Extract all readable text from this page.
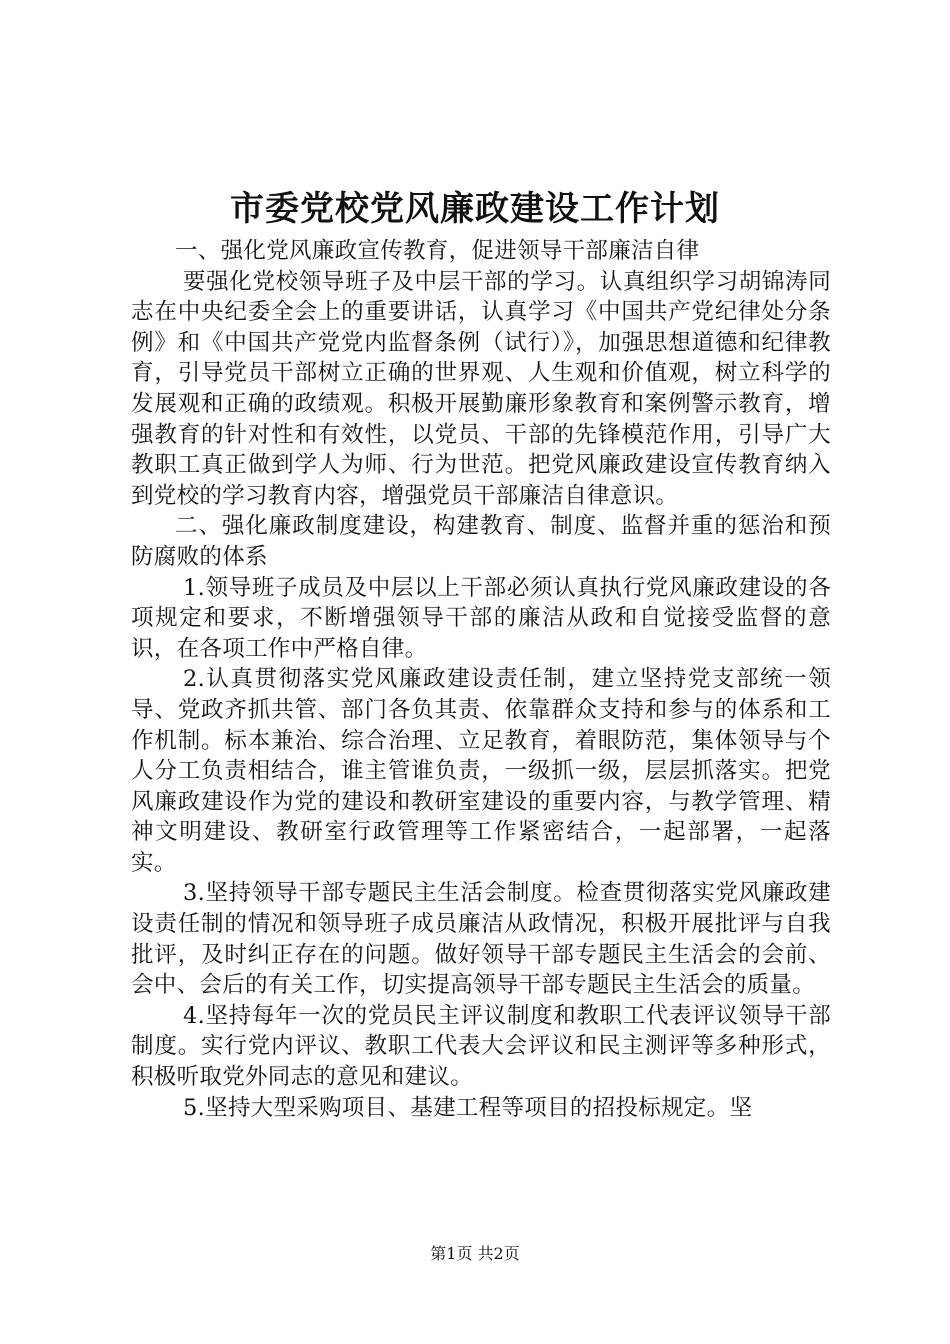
市委党校党风廉政建设工作计划

一、强化党风廉政宣传教育，促进领导干部廉洁自律

要强化党校领导班子及中层干部的学习。认真组织学习胡锦涛同志在中央纪委全会上的重要讲话，认真学习《中国共产党纪律处分条例》和《中国共产党党内监督条例（试行）》，加强思想道德和纪律教育，引导党员干部树立正确的世界观、人生观和价值观，树立科学的发展观和正确的政绩观。积极开展勤廉形象教育和案例警示教育，增强教育的针对性和有效性，以党员、干部的先锋模范作用，引导广大教职工真正做到学人为师、行为世范。把党风廉政建设宣传教育纳入到党校的学习教育内容，增强党员干部廉洁自律意识。

二、强化廉政制度建设，构建教育、制度、监督并重的惩治和预防腐败的体系

1.领导班子成员及中层以上干部必须认真执行党风廉政建设的各项规定和要求，不断增强领导干部的廉洁从政和自觉接受监督的意识，在各项工作中严格自律。

2.认真贯彻落实党风廉政建设责任制，建立坚持党支部统一领导、党政齐抓共管、部门各负其责、依靠群众支持和参与的体系和工作机制。标本兼治、综合治理、立足教育，着眼防范，集体领导与个人分工负责相结合，谁主管谁负责，一级抓一级，层层抓落实。把党风廉政建设作为党的建设和教研室建设的重要内容，与教学管理、精神文明建设、教研室行政管理等工作紧密结合，一起部署，一起落实。

3.坚持领导干部专题民主生活会制度。检查贯彻落实党风廉政建设责任制的情况和领导班子成员廉洁从政情况，积极开展批评与自我批评，及时纠正存在的问题。做好领导干部专题民主生活会的会前、会中、会后的有关工作，切实提高领导干部专题民主生活会的质量。

4.坚持每年一次的党员民主评议制度和教职工代表评议领导干部制度。实行党内评议、教职工代表大会评议和民主测评等多种形式，积极听取党外同志的意见和建议。

5.坚持大型采购项目、基建工程等项目的招投标规定。坚

第1页 共2页
